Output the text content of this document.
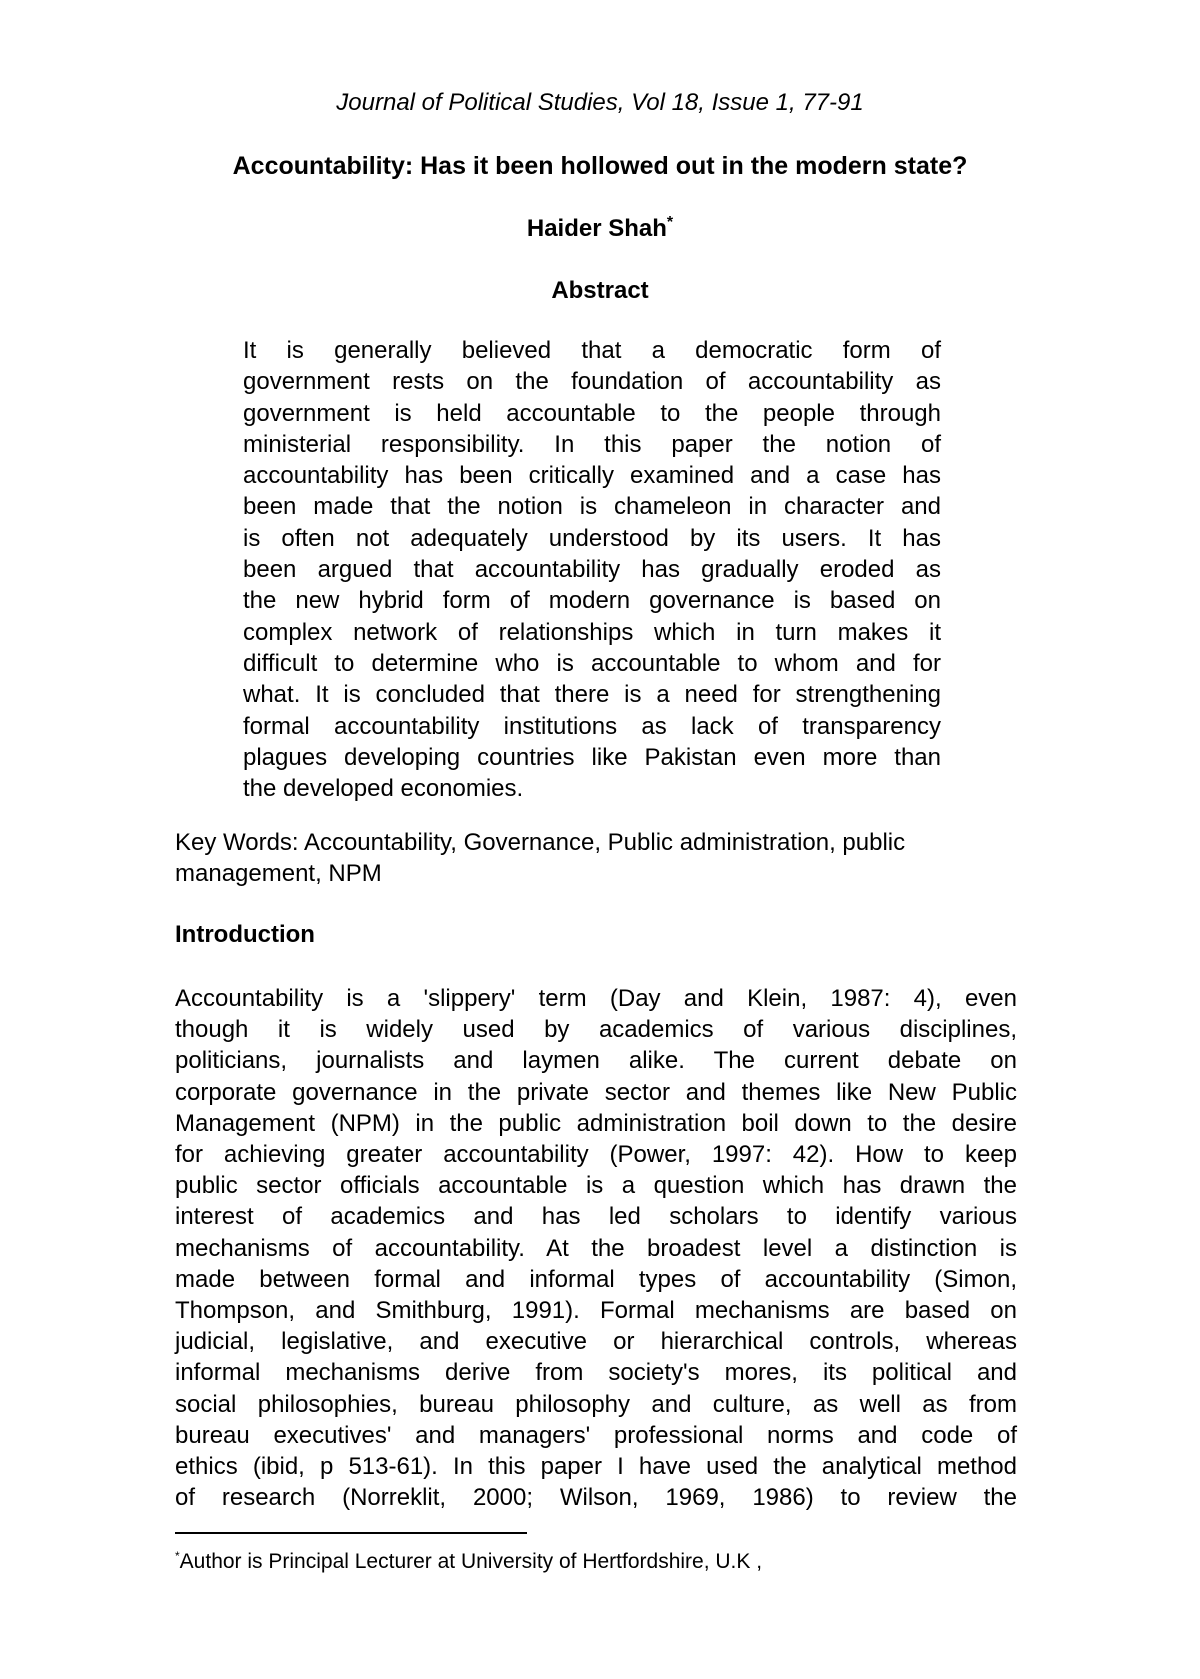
Journal of Political Studies, Vol 18, Issue 1, 77-91
Accountability: Has it been hollowed out in the modern state?
Haider Shah*
Abstract
It is generally believed that a democratic form of
government rests on the foundation of accountability as
government is held accountable to the people through
ministerial responsibility. In this paper the notion of
accountability has been critically examined and a case has
been made that the notion is chameleon in character and
is often not adequately understood by its users. It has
been argued that accountability has gradually eroded as
the new hybrid form of modern governance is based on
complex network of relationships which in turn makes it
difficult to determine who is accountable to whom and for
what. It is concluded that there is a need for strengthening
formal accountability institutions as lack of transparency
plagues developing countries like Pakistan even more than
the developed economies.
Key Words: Accountability, Governance, Public administration, public
management, NPM
Introduction
Accountability is a 'slippery' term (Day and Klein, 1987: 4), even
though it is widely used by academics of various disciplines,
politicians, journalists and laymen alike. The current debate on
corporate governance in the private sector and themes like New Public
Management (NPM) in the public administration boil down to the desire
for achieving greater accountability (Power, 1997: 42). How to keep
public sector officials accountable is a question which has drawn the
interest of academics and has led scholars to identify various
mechanisms of accountability. At the broadest level a distinction is
made between formal and informal types of accountability (Simon,
Thompson, and Smithburg, 1991). Formal mechanisms are based on
judicial, legislative, and executive or hierarchical controls, whereas
informal mechanisms derive from society's mores, its political and
social philosophies, bureau philosophy and culture, as well as from
bureau executives' and managers' professional norms and code of
ethics (ibid, p 513-61). In this paper I have used the analytical method
of research (Norreklit, 2000; Wilson, 1969, 1986) to review the
*Author is Principal Lecturer at University of Hertfordshire, U.K ,
